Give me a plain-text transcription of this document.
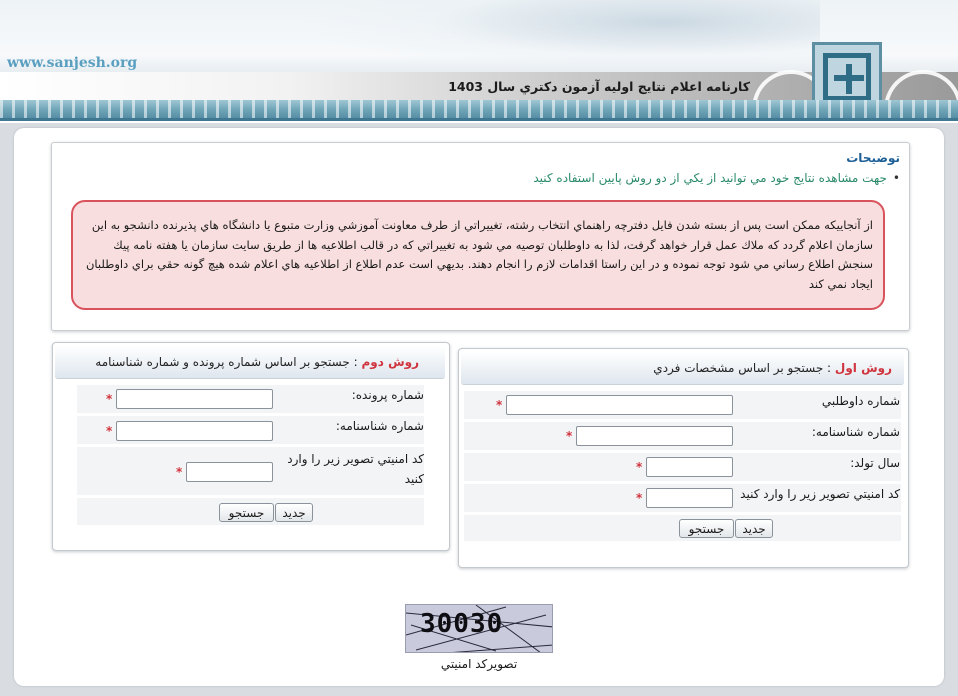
www.sanjesh.org
كارنامه اعلام نتايج اوليه آزمون دكتري سال 1403
توضيحات
•جهت مشاهده نتايج خود مي توانيد از يكي از دو روش پايين استفاده كنيد
از آنجاييكه ممكن است پس از بسته شدن فايل دفترچه راهنماي انتخاب رشته، تغييراتي از طرف معاونت آموزشي وزارت متبوع يا دانشگاه هاي پذيرنده دانشجو به اين سازمان اعلام گردد كه ملاك عمل قرار خواهد گرفت، لذا به داوطلبان توصيه مي شود به تغييراتي كه در قالب اطلاعيه ها از طريق سايت سازمان يا هفته نامه پيك سنجش اطلاع رساني مي شود توجه نموده و در اين راستا اقدامات لازم را انجام دهند. بديهي است عدم اطلاع از اطلاعيه هاي اعلام شده هيچ گونه حقي براي داوطلبان ايجاد نمي كند
روش اول : جستجو بر اساس مشخصات فردي
شماره داوطلبي
*
شماره شناسنامه:
*
سال تولد:
*
كد امنيتي تصوير زير را وارد كنيد
*
جديد
جستجو
روش دوم : جستجو بر اساس شماره پرونده و شماره شناسنامه
شماره پرونده:
*
شماره شناسنامه:
*
كد امنيتي تصوير زير را وارد كنيد
*
جديد
جستجو
30030
تصويركد امنيتي
